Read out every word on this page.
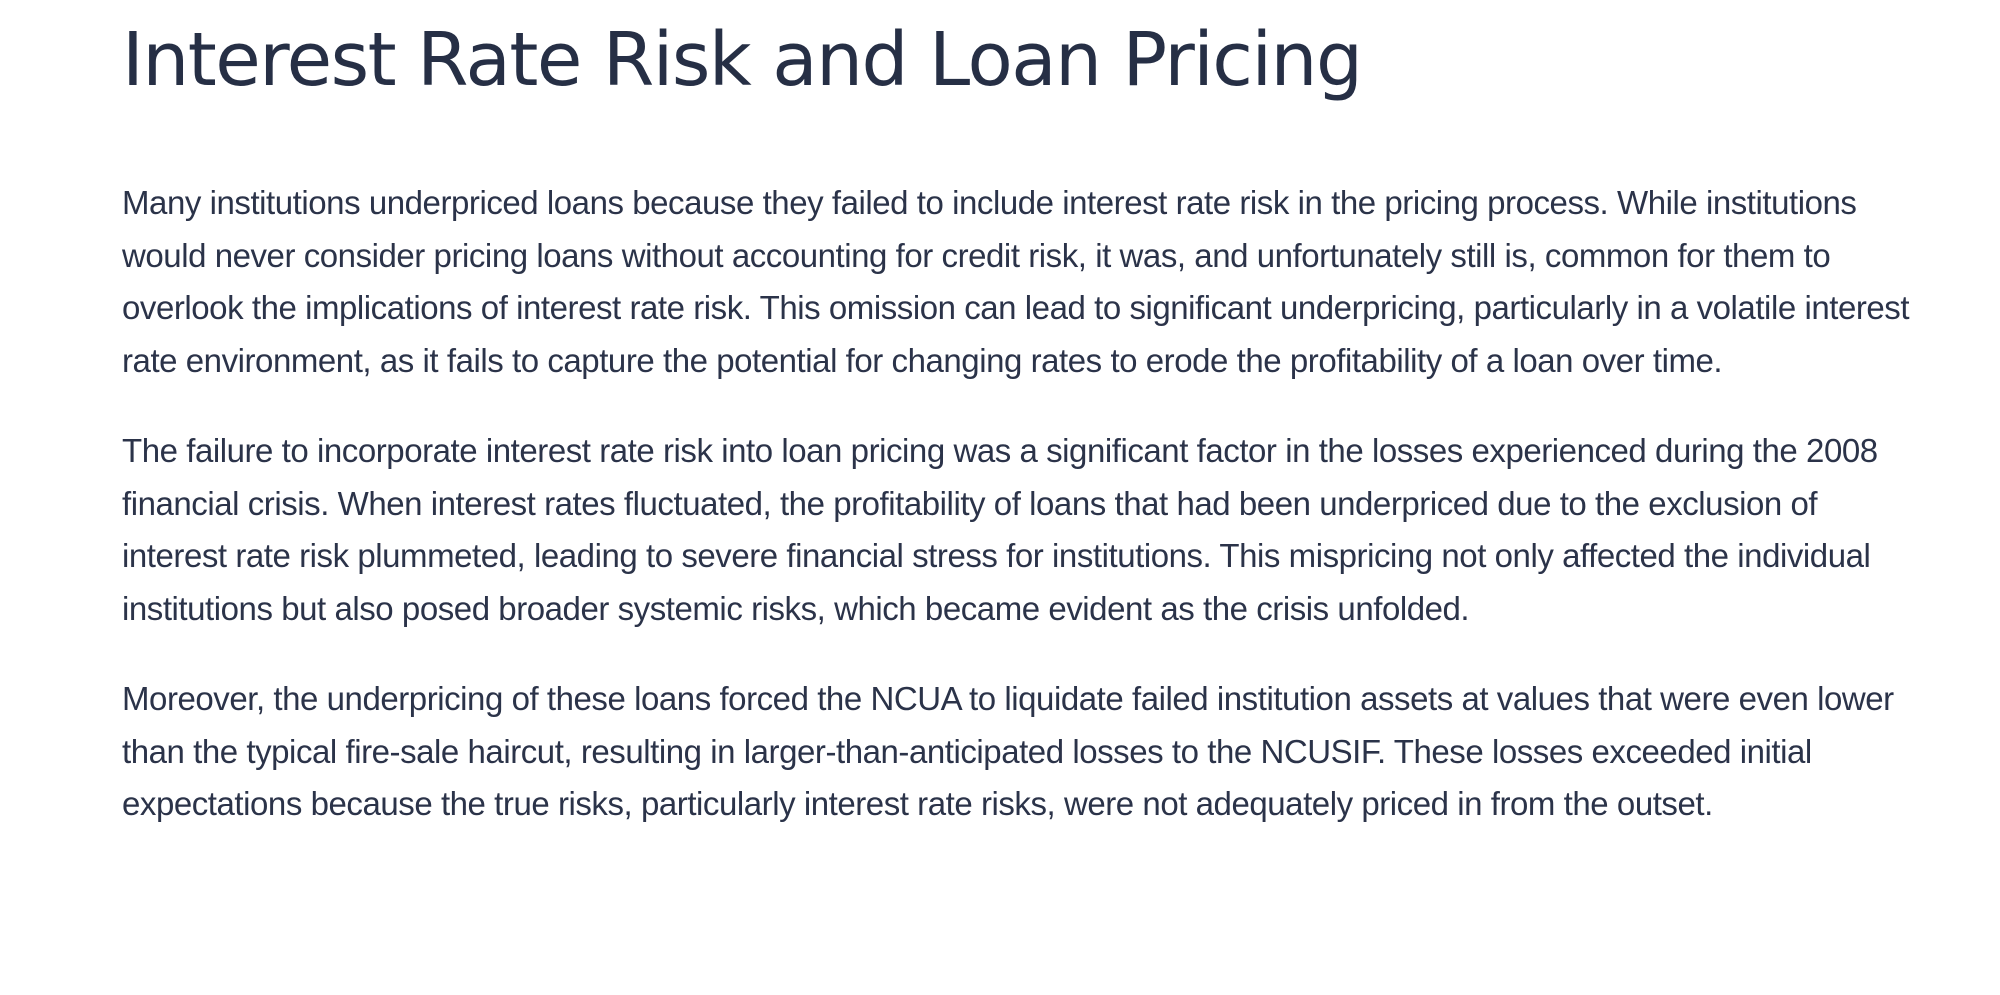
Interest Rate Risk and Loan Pricing

Many institutions underpriced loans because they failed to include interest rate risk in the pricing process. While institutions would never consider pricing loans without accounting for credit risk, it was, and unfortunately still is, common for them to overlook the implications of interest rate risk. This omission can lead to significant underpricing, particularly in a volatile interest rate environment, as it fails to capture the potential for changing rates to erode the profitability of a loan over time.

The failure to incorporate interest rate risk into loan pricing was a significant factor in the losses experienced during the 2008 financial crisis. When interest rates fluctuated, the profitability of loans that had been underpriced due to the exclusion of interest rate risk plummeted, leading to severe financial stress for institutions. This mispricing not only affected the individual institutions but also posed broader systemic risks, which became evident as the crisis unfolded.

Moreover, the underpricing of these loans forced the NCUA to liquidate failed institution assets at values that were even lower than the typical fire-sale haircut, resulting in larger-than-anticipated losses to the NCUSIF. These losses exceeded initial expectations because the true risks, particularly interest rate risks, were not adequately priced in from the outset.
